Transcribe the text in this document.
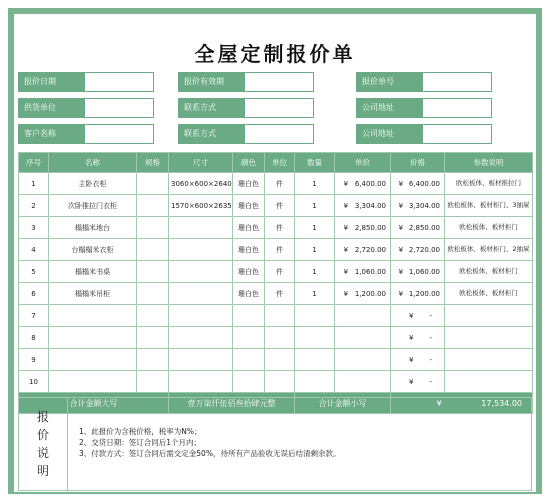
全屋定制报价单
报价日期	报价有效期	报价单号
供货单位	联系方式	公司地址
客户名称	联系方式	公司地址
序号	名称	规格	尺寸	颜色	单位	数量	单价	价格	参数说明
1	主卧衣柜		3060×600×2640	珊白色	件	1	¥ 6,400.00	¥ 6,400.00	欧松板体、板材推拉门
2	次卧推拉门衣柜		1570×600×2635	珊白色	件	1	¥ 3,304.00	¥ 3,304.00	欧松板体、板材柜门、3抽屉
3	榻榻米地台			珊白色	件	1	¥ 2,850.00	¥ 2,850.00	欧松板体、板材柜门
4	台榻榻米衣柜			珊白色	件	1	¥ 2,720.00	¥ 2,720.00	欧松板体、板材柜门、2抽屉
5	榻榻米书桌			珊白色	件	1	¥ 1,060.00	¥ 1,060.00	欧松板体、板材柜门
6	榻榻米吊柜			珊白色	件	1	¥ 1,200.00	¥ 1,200.00	欧松板体、板材柜门
7								¥ -	

8								¥ -	

9								¥ -	

10								¥ -	

合计金额大写			壹万柒仟伍佰叁拾肆元整			合计金额小写		¥ 17,534.00	
报
价
说
明
1、此报价为含税价格，税率为N%；
2、交货日期：签订合同后1个月内；
3、付款方式：签订合同后需交定金50%，待所有产品验收无误后结清剩余款。
